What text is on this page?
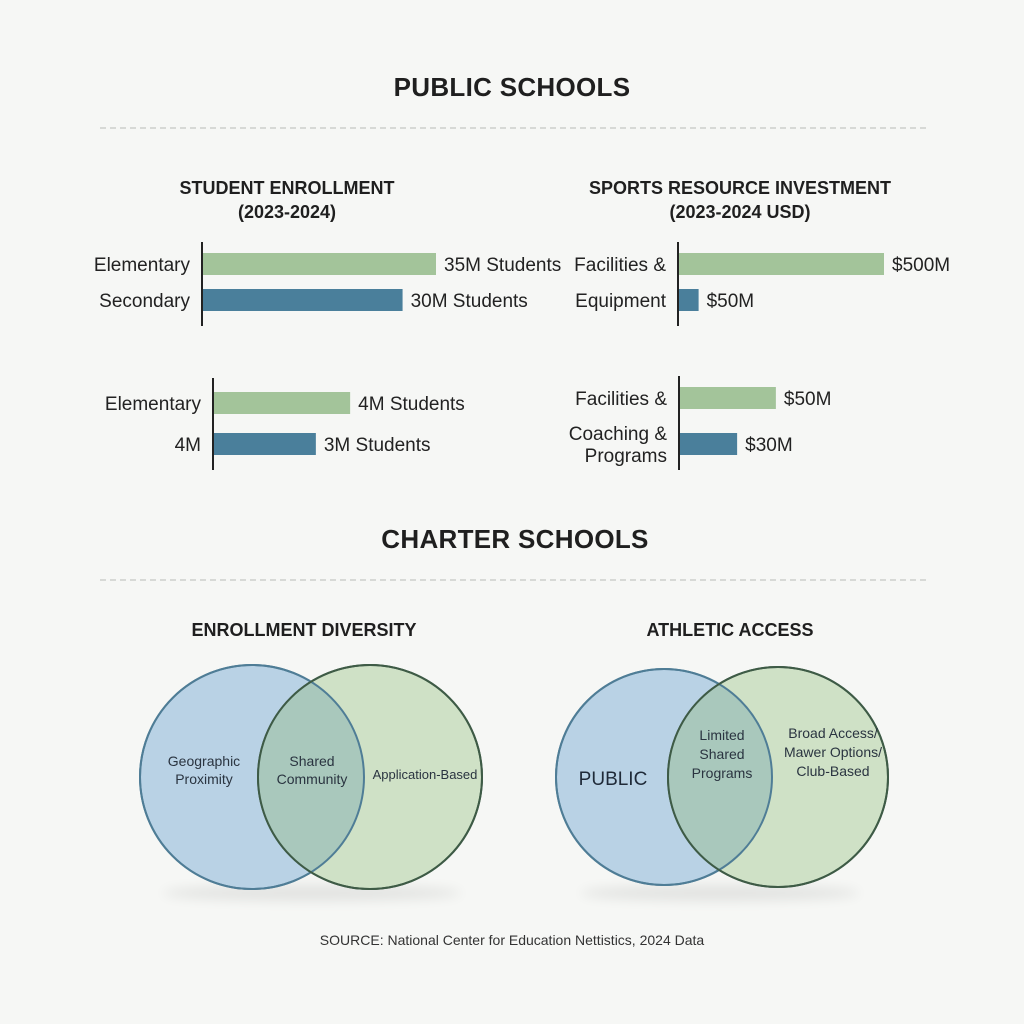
PUBLIC SCHOOLS
STUDENT ENROLLMENT
(2023-2024)
SPORTS RESOURCE INVESTMENT
(2023-2024 USD)
35M Students
Elementary
30M Students
Secondary
4M Students
Elementary
3M Students
4M
$500M
Facilities &
$50M
Equipment
$50M
Facilities &
$30M
Coaching & Programs
CHARTER SCHOOLS
ENROLLMENT DIVERSITY	ATHLETIC ACCESS
Geographic Proximity
Shared Community Application-Based	PUBLIC
Limited Shared Programs
Broad Access/ Mawer Options/ Club-Based
SOURCE: National Center for Education Nettistics, 2024 Data
